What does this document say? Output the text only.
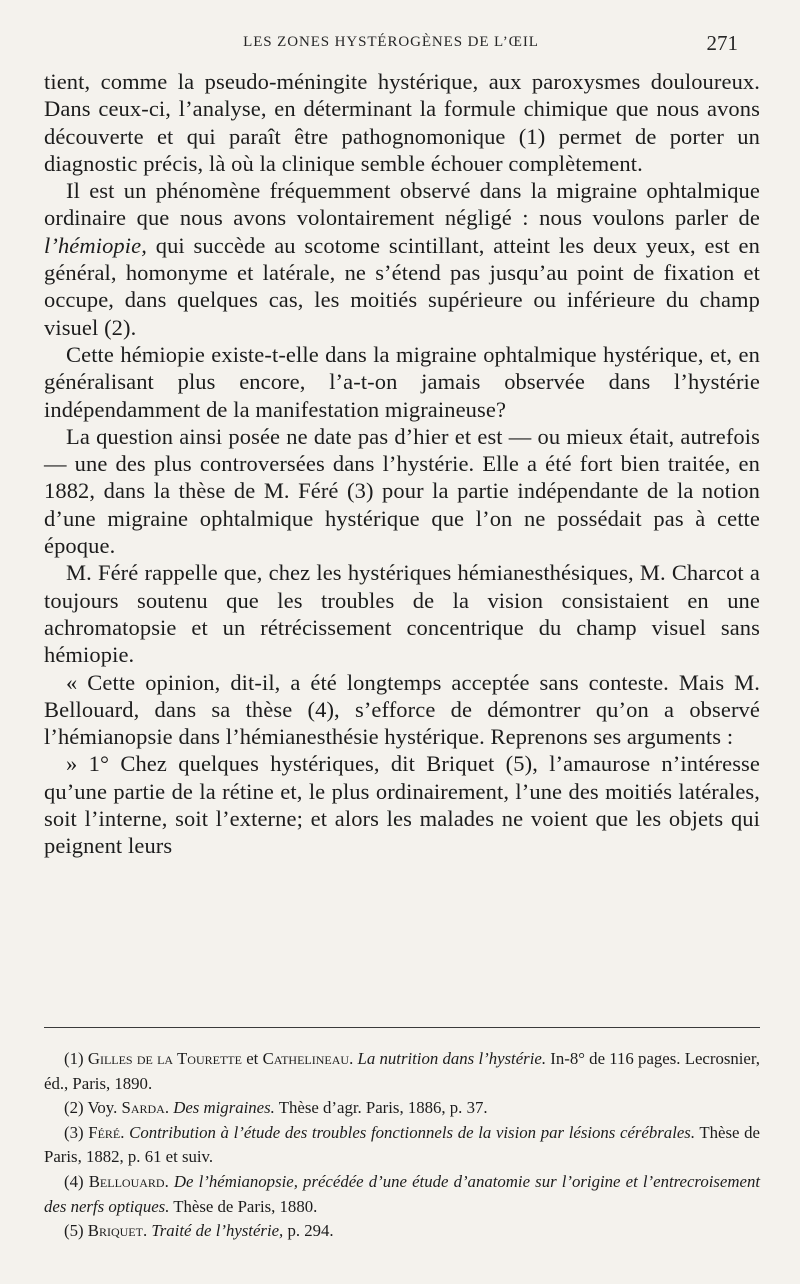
LES ZONES HYSTÉROGÈNES DE L’ŒIL	271

tient, comme la pseudo-méningite hystérique, aux paroxysmes douloureux. Dans ceux-ci, l’analyse, en déterminant la formule chimique que nous avons découverte et qui paraît être pathognomonique (1) permet de porter un diagnostic précis, là où la clinique semble échouer complètement.

Il est un phénomène fréquemment observé dans la migraine ophtalmique ordinaire que nous avons volontairement négligé : nous voulons parler de l’hémiopie, qui succède au scotome scintillant, atteint les deux yeux, est en général, homonyme et latérale, ne s’étend pas jusqu’au point de fixation et occupe, dans quelques cas, les moitiés supérieure ou inférieure du champ visuel (2).

Cette hémiopie existe-t-elle dans la migraine ophtalmique hystérique, et, en généralisant plus encore, l’a-t-on jamais observée dans l’hystérie indépendamment de la manifestation migraineuse?

La question ainsi posée ne date pas d’hier et est — ou mieux était, autrefois — une des plus controversées dans l’hystérie. Elle a été fort bien traitée, en 1882, dans la thèse de M. Féré (3) pour la partie indépendante de la notion d’une migraine ophtalmique hystérique que l’on ne possédait pas à cette époque.

M. Féré rappelle que, chez les hystériques hémianesthésiques, M. Charcot a toujours soutenu que les troubles de la vision consistaient en une achromatopsie et un rétrécissement concentrique du champ visuel sans hémiopie.

« Cette opinion, dit-il, a été longtemps acceptée sans conteste. Mais M. Bellouard, dans sa thèse (4), s’efforce de démontrer qu’on a observé l’hémianopsie dans l’hémianesthésie hystérique. Reprenons ses arguments :

» 1° Chez quelques hystériques, dit Briquet (5), l’amaurose n’intéresse qu’une partie de la rétine et, le plus ordinairement, l’une des moitiés latérales, soit l’interne, soit l’externe; et alors les malades ne voient que les objets qui peignent leurs

(1) Gilles de la Tourette et Cathelineau. La nutrition dans l’hystérie. In-8° de 116 pages. Lecrosnier, éd., Paris, 1890.

(2) Voy. Sarda. Des migraines. Thèse d’agr. Paris, 1886, p. 37.

(3) Féré. Contribution à l’étude des troubles fonctionnels de la vision par lésions cérébrales. Thèse de Paris, 1882, p. 61 et suiv.

(4) Bellouard. De l’hémianopsie, précédée d’une étude d’anatomie sur l’origine et l’entrecroisement des nerfs optiques. Thèse de Paris, 1880.

(5) Briquet. Traité de l’hystérie, p. 294.
